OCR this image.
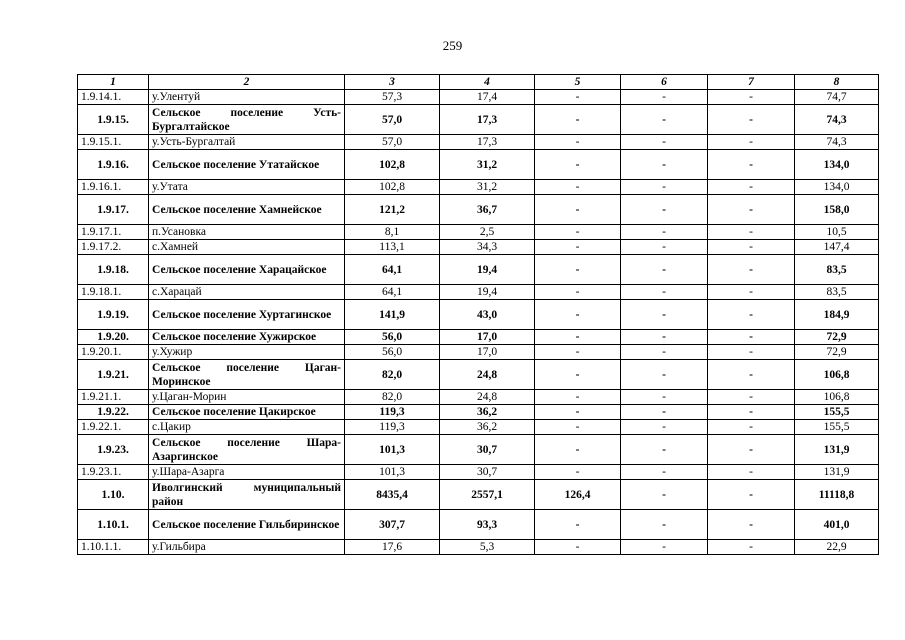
259
1	2	3	4	5	6	7	8
1.9.14.1.	у.Улентуй	57,3	17,4	-	-	-	74,7
1.9.15.	Сельское поселение Усть-Бургалтайское	57,0	17,3	-	-	-	74,3
1.9.15.1.	у.Усть-Бургалтай	57,0	17,3	-	-	-	74,3
1.9.16.	Сельское поселение Утатайское	102,8	31,2	-	-	-	134,0
1.9.16.1.	у.Утата	102,8	31,2	-	-	-	134,0
1.9.17.	Сельское поселение Хамнейское	121,2	36,7	-	-	-	158,0
1.9.17.1.	п.Усановка	8,1	2,5	-	-	-	10,5
1.9.17.2.	с.Хамней	113,1	34,3	-	-	-	147,4
1.9.18.	Сельское поселение Харацайское	64,1	19,4	-	-	-	83,5
1.9.18.1.	с.Харацай	64,1	19,4	-	-	-	83,5
1.9.19.	Сельское поселение Хуртагинское	141,9	43,0	-	-	-	184,9
1.9.20.	Сельское поселение Хужирское	56,0	17,0	-	-	-	72,9
1.9.20.1.	у.Хужир	56,0	17,0	-	-	-	72,9
1.9.21.	Сельское поселение Цаган-Моринское	82,0	24,8	-	-	-	106,8
1.9.21.1.	у.Цаган-Морин	82,0	24,8	-	-	-	106,8
1.9.22.	Сельское поселение Цакирское	119,3	36,2	-	-	-	155,5
1.9.22.1.	с.Цакир	119,3	36,2	-	-	-	155,5
1.9.23.	Сельское поселение Шара-Азаргинское	101,3	30,7	-	-	-	131,9
1.9.23.1.	у.Шара-Азарга	101,3	30,7	-	-	-	131,9
1.10.	Иволгинский муниципальный район	8435,4	2557,1	126,4	-	-	11118,8
1.10.1.	Сельское поселение Гильбиринское	307,7	93,3	-	-	-	401,0
1.10.1.1.	у.Гильбира	17,6	5,3	-	-	-	22,9
